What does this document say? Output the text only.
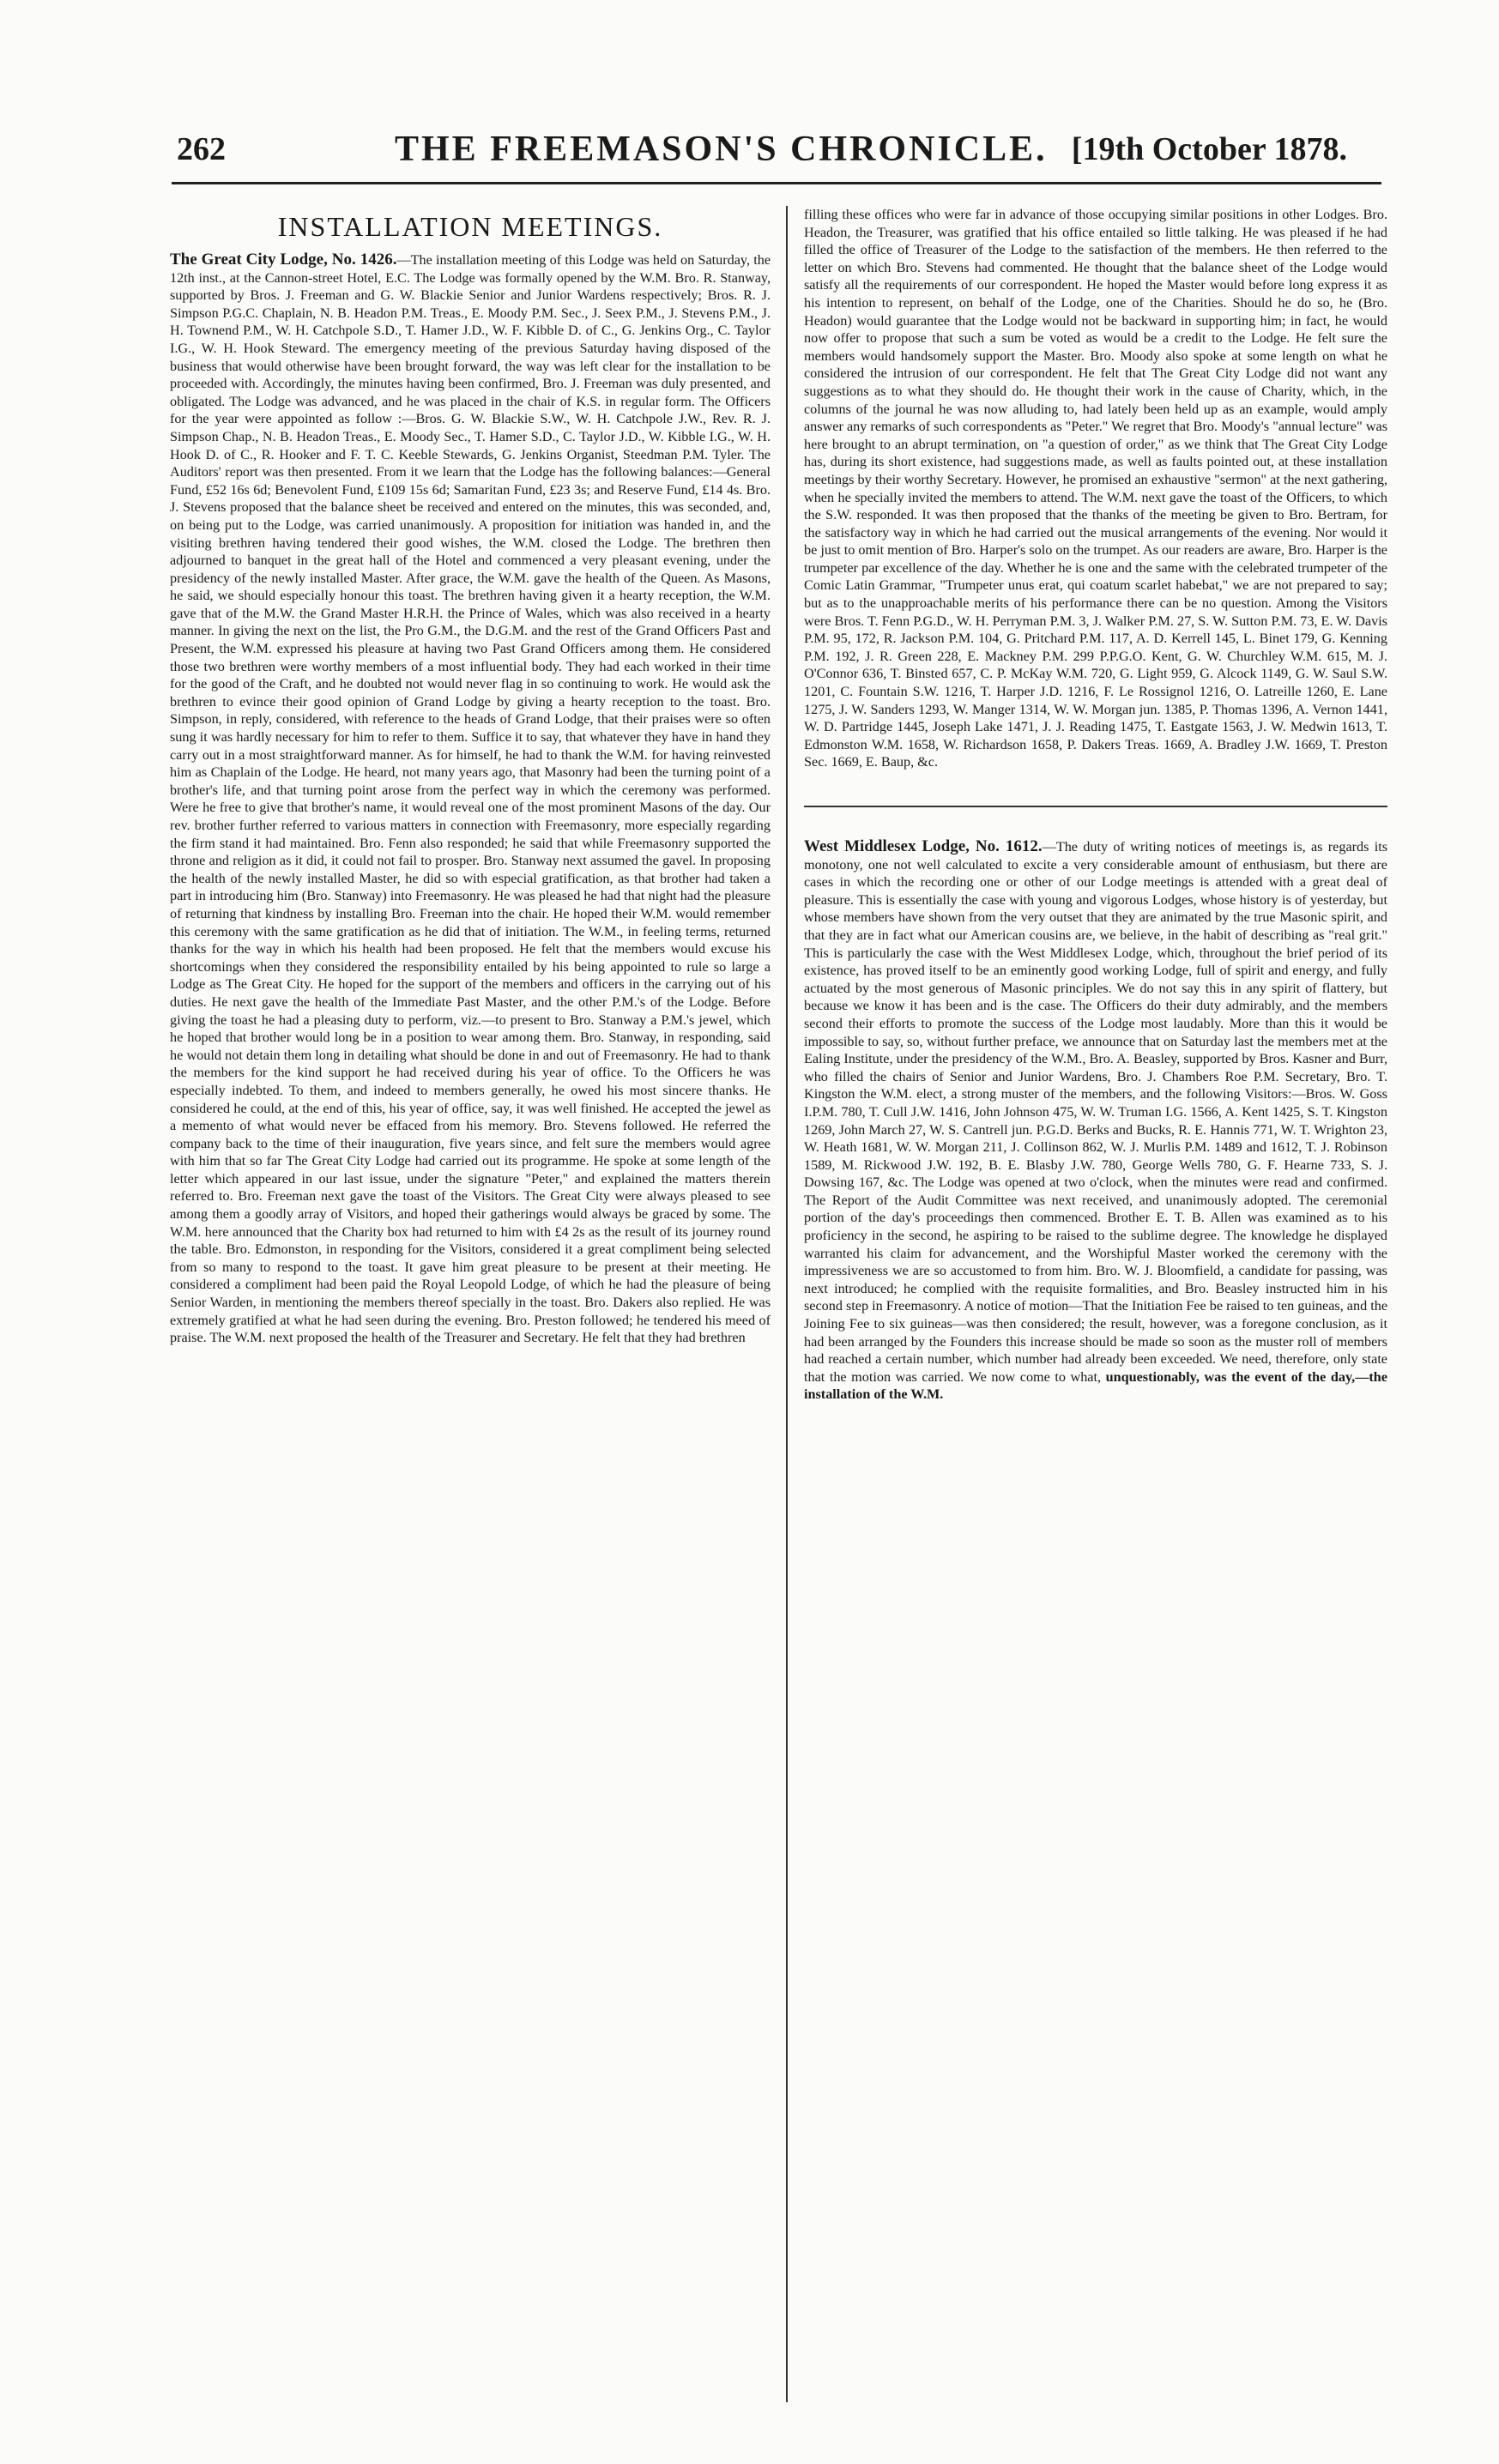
262	THE FREEMASON'S CHRONICLE. [19th October 1878.
INSTALLATION MEETINGS.

The Great City Lodge, No. 1426.—The installation meeting of this Lodge was held on Saturday, the 12th inst., at the Cannon-street Hotel, E.C. The Lodge was formally opened by the W.M. Bro. R. Stanway, supported by Bros. J. Freeman and G. W. Blackie Senior and Junior Wardens respectively; Bros. R. J. Simpson P.G.C. Chaplain, N. B. Headon P.M. Treas., E. Moody P.M. Sec., J. Seex P.M., J. Stevens P.M., J. H. Townend P.M., W. H. Catchpole S.D., T. Hamer J.D., W. F. Kibble D. of C., G. Jenkins Org., C. Taylor I.G., W. H. Hook Steward. The emergency meeting of the previous Saturday having disposed of the business that would otherwise have been brought forward, the way was left clear for the installation to be proceeded with. Accordingly, the minutes having been confirmed, Bro. J. Freeman was duly presented, and obligated. The Lodge was advanced, and he was placed in the chair of K.S. in regular form. The Officers for the year were appointed as follow :—Bros. G. W. Blackie S.W., W. H. Catchpole J.W., Rev. R. J. Simpson Chap., N. B. Headon Treas., E. Moody Sec., T. Hamer S.D., C. Taylor J.D., W. Kibble I.G., W. H. Hook D. of C., R. Hooker and F. T. C. Keeble Stewards, G. Jenkins Organist, Steedman P.M. Tyler. The Auditors' report was then presented. From it we learn that the Lodge has the following balances:—General Fund, £52 16s 6d; Benevolent Fund, £109 15s 6d; Samaritan Fund, £23 3s; and Reserve Fund, £14 4s. Bro. J. Stevens proposed that the balance sheet be received and entered on the minutes, this was seconded, and, on being put to the Lodge, was carried unanimously. A proposition for initiation was handed in, and the visiting brethren having tendered their good wishes, the W.M. closed the Lodge. The brethren then adjourned to banquet in the great hall of the Hotel and commenced a very pleasant evening, under the presidency of the newly installed Master. After grace, the W.M. gave the health of the Queen. As Masons, he said, we should especially honour this toast. The brethren having given it a hearty reception, the W.M. gave that of the M.W. the Grand Master H.R.H. the Prince of Wales, which was also received in a hearty manner. In giving the next on the list, the Pro G.M., the D.G.M. and the rest of the Grand Officers Past and Present, the W.M. expressed his pleasure at having two Past Grand Officers among them. He considered those two brethren were worthy members of a most influential body. They had each worked in their time for the good of the Craft, and he doubted not would never flag in so continuing to work. He would ask the brethren to evince their good opinion of Grand Lodge by giving a hearty reception to the toast. Bro. Simpson, in reply, considered, with reference to the heads of Grand Lodge, that their praises were so often sung it was hardly necessary for him to refer to them. Suffice it to say, that whatever they have in hand they carry out in a most straightforward manner. As for himself, he had to thank the W.M. for having reinvested him as Chaplain of the Lodge. He heard, not many years ago, that Masonry had been the turning point of a brother's life, and that turning point arose from the perfect way in which the ceremony was performed. Were he free to give that brother's name, it would reveal one of the most prominent Masons of the day. Our rev. brother further referred to various matters in connection with Freemasonry, more especially regarding the firm stand it had maintained. Bro. Fenn also responded; he said that while Freemasonry supported the throne and religion as it did, it could not fail to prosper. Bro. Stanway next assumed the gavel. In proposing the health of the newly installed Master, he did so with especial gratification, as that brother had taken a part in introducing him (Bro. Stanway) into Freemasonry. He was pleased he had that night had the pleasure of returning that kindness by installing Bro. Freeman into the chair. He hoped their W.M. would remember this ceremony with the same gratification as he did that of initiation. The W.M., in feeling terms, returned thanks for the way in which his health had been proposed. He felt that the members would excuse his shortcomings when they considered the responsibility entailed by his being appointed to rule so large a Lodge as The Great City. He hoped for the support of the members and officers in the carrying out of his duties. He next gave the health of the Immediate Past Master, and the other P.M.'s of the Lodge. Before giving the toast he had a pleasing duty to perform, viz.—to present to Bro. Stanway a P.M.'s jewel, which he hoped that brother would long be in a position to wear among them. Bro. Stanway, in responding, said he would not detain them long in detailing what should be done in and out of Freemasonry. He had to thank the members for the kind support he had received during his year of office. To the Officers he was especially indebted. To them, and indeed to members generally, he owed his most sincere thanks. He considered he could, at the end of this, his year of office, say, it was well finished. He accepted the jewel as a memento of what would never be effaced from his memory. Bro. Stevens followed. He referred the company back to the time of their inauguration, five years since, and felt sure the members would agree with him that so far The Great City Lodge had carried out its programme. He spoke at some length of the letter which appeared in our last issue, under the signature "Peter," and explained the matters therein referred to. Bro. Freeman next gave the toast of the Visitors. The Great City were always pleased to see among them a goodly array of Visitors, and hoped their gatherings would always be graced by some. The W.M. here announced that the Charity box had returned to him with £4 2s as the result of its journey round the table. Bro. Edmonston, in responding for the Visitors, considered it a great compliment being selected from so many to respond to the toast. It gave him great pleasure to be present at their meeting. He considered a compliment had been paid the Royal Leopold Lodge, of which he had the pleasure of being Senior Warden, in mentioning the members thereof specially in the toast. Bro. Dakers also replied. He was extremely gratified at what he had seen during the evening. Bro. Preston followed; he tendered his meed of praise. The W.M. next proposed the health of the Treasurer and Secretary. He felt that they had brethren

filling these offices who were far in advance of those occupying similar positions in other Lodges. Bro. Headon, the Treasurer, was gratified that his office entailed so little talking. He was pleased if he had filled the office of Treasurer of the Lodge to the satisfaction of the members. He then referred to the letter on which Bro. Stevens had commented. He thought that the balance sheet of the Lodge would satisfy all the requirements of our correspondent. He hoped the Master would before long express it as his intention to represent, on behalf of the Lodge, one of the Charities. Should he do so, he (Bro. Headon) would guarantee that the Lodge would not be backward in supporting him; in fact, he would now offer to propose that such a sum be voted as would be a credit to the Lodge. He felt sure the members would handsomely support the Master. Bro. Moody also spoke at some length on what he considered the intrusion of our correspondent. He felt that The Great City Lodge did not want any suggestions as to what they should do. He thought their work in the cause of Charity, which, in the columns of the journal he was now alluding to, had lately been held up as an example, would amply answer any remarks of such correspondents as "Peter." We regret that Bro. Moody's "annual lecture" was here brought to an abrupt termination, on "a question of order," as we think that The Great City Lodge has, during its short existence, had suggestions made, as well as faults pointed out, at these installation meetings by their worthy Secretary. However, he promised an exhaustive "sermon" at the next gathering, when he specially invited the members to attend. The W.M. next gave the toast of the Officers, to which the S.W. responded. It was then proposed that the thanks of the meeting be given to Bro. Bertram, for the satisfactory way in which he had carried out the musical arrangements of the evening. Nor would it be just to omit mention of Bro. Harper's solo on the trumpet. As our readers are aware, Bro. Harper is the trumpeter par excellence of the day. Whether he is one and the same with the celebrated trumpeter of the Comic Latin Grammar, "Trumpeter unus erat, qui coatum scarlet habebat," we are not prepared to say; but as to the unapproachable merits of his performance there can be no question. Among the Visitors were Bros. T. Fenn P.G.D., W. H. Perryman P.M. 3, J. Walker P.M. 27, S. W. Sutton P.M. 73, E. W. Davis P.M. 95, 172, R. Jackson P.M. 104, G. Pritchard P.M. 117, A. D. Kerrell 145, L. Binet 179, G. Kenning P.M. 192, J. R. Green 228, E. Mackney P.M. 299 P.P.G.O. Kent, G. W. Churchley W.M. 615, M. J. O'Connor 636, T. Binsted 657, C. P. McKay W.M. 720, G. Light 959, G. Alcock 1149, G. W. Saul S.W. 1201, C. Fountain S.W. 1216, T. Harper J.D. 1216, F. Le Rossignol 1216, O. Latreille 1260, E. Lane 1275, J. W. Sanders 1293, W. Manger 1314, W. W. Morgan jun. 1385, P. Thomas 1396, A. Vernon 1441, W. D. Partridge 1445, Joseph Lake 1471, J. J. Reading 1475, T. Eastgate 1563, J. W. Medwin 1613, T. Edmonston W.M. 1658, W. Richardson 1658, P. Dakers Treas. 1669, A. Bradley J.W. 1669, T. Preston Sec. 1669, E. Baup, &c.

West Middlesex Lodge, No. 1612.—The duty of writing notices of meetings is, as regards its monotony, one not well calculated to excite a very considerable amount of enthusiasm, but there are cases in which the recording one or other of our Lodge meetings is attended with a great deal of pleasure. This is essentially the case with young and vigorous Lodges, whose history is of yesterday, but whose members have shown from the very outset that they are animated by the true Masonic spirit, and that they are in fact what our American cousins are, we believe, in the habit of describing as "real grit." This is particularly the case with the West Middlesex Lodge, which, throughout the brief period of its existence, has proved itself to be an eminently good working Lodge, full of spirit and energy, and fully actuated by the most generous of Masonic principles. We do not say this in any spirit of flattery, but because we know it has been and is the case. The Officers do their duty admirably, and the members second their efforts to promote the success of the Lodge most laudably. More than this it would be impossible to say, so, without further preface, we announce that on Saturday last the members met at the Ealing Institute, under the presidency of the W.M., Bro. A. Beasley, supported by Bros. Kasner and Burr, who filled the chairs of Senior and Junior Wardens, Bro. J. Chambers Roe P.M. Secretary, Bro. T. Kingston the W.M. elect, a strong muster of the members, and the following Visitors:—Bros. W. Goss I.P.M. 780, T. Cull J.W. 1416, John Johnson 475, W. W. Truman I.G. 1566, A. Kent 1425, S. T. Kingston 1269, John March 27, W. S. Cantrell jun. P.G.D. Berks and Bucks, R. E. Hannis 771, W. T. Wrighton 23, W. Heath 1681, W. W. Morgan 211, J. Collinson 862, W. J. Murlis P.M. 1489 and 1612, T. J. Robinson 1589, M. Rickwood J.W. 192, B. E. Blasby J.W. 780, George Wells 780, G. F. Hearne 733, S. J. Dowsing 167, &c. The Lodge was opened at two o'clock, when the minutes were read and confirmed. The Report of the Audit Committee was next received, and unanimously adopted. The ceremonial portion of the day's proceedings then commenced. Brother E. T. B. Allen was examined as to his proficiency in the second, he aspiring to be raised to the sublime degree. The knowledge he displayed warranted his claim for advancement, and the Worshipful Master worked the ceremony with the impressiveness we are so accustomed to from him. Bro. W. J. Bloomfield, a candidate for passing, was next introduced; he complied with the requisite formalities, and Bro. Beasley instructed him in his second step in Freemasonry. A notice of motion—That the Initiation Fee be raised to ten guineas, and the Joining Fee to six guineas—was then considered; the result, however, was a foregone conclusion, as it had been arranged by the Founders this increase should be made so soon as the muster roll of members had reached a certain number, which number had already been exceeded. We need, therefore, only state that the motion was carried. We now come to what, unquestionably, was the event of the day,—the installation of the W.M.
